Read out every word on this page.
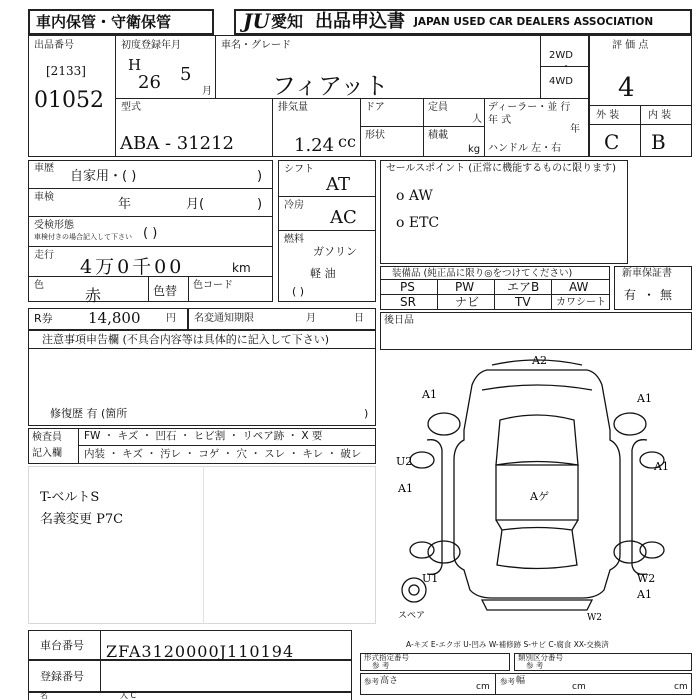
車内保管・守衛保管	JU 愛知 出品申込書 JAPAN USED CAR DEALERS ASSOCIATION
出品番号
[2133]
01052
初度登録年月
H
26 5
月
車名・グレード
フィアット
2WD
・
4WD
評 価 点
4
外 装	内 装
C B
型式
ABA - 31212
排気量
1.24 cc
ドア	定員
人
形状	積載
kg
ディーラー・並 行
年 式
年
ハンドル 左・右
車歴
自家用・( )	)
車検	年	月(	)
受検形態
車検付きの場合記入して下さい ( )
走行
4万0千00	km
色
赤	色替 色コード
シフト
AT
冷房
AC
燃料
ガソリン
軽 油
( )
セールスポイント (正常に機能するものに限ります)
o AW
o ETC
装備品 (純正品に限り◎をつけてください)
PS	PW	エアB AW
SR	ナビ	TV	カワシート
新車保証書
有 ・ 無
R券 14,800	円 名変通知期限	月	日 後日品
注意事項申告欄 (不具合内容等は具体的に記入して下さい)
修復歴 有 (箇所	)
検査員
記入欄
FW ・ キズ ・ 凹石 ・ ヒビ割 ・ リペア跡 ・ X 要
内装 ・ キズ ・ 汚レ ・ コゲ ・ 穴 ・ スレ ・ キレ ・ 破レ
T-ベルトS
名義変更 P7C
A2
A1	A1
U2
A1
A1
Aゲ
U1	W2
A1
W2
スペア
A-キズ E-エクボ U-凹み W-補修跡 S-サビ C-腐食 XX-交換済
車台番号 ZFA3120000J110194
登録番号
形式指定番号
参 考
類別区分番号
参 考
参考 高さ
cm
参考 幅
cm	cm
名	入 C
